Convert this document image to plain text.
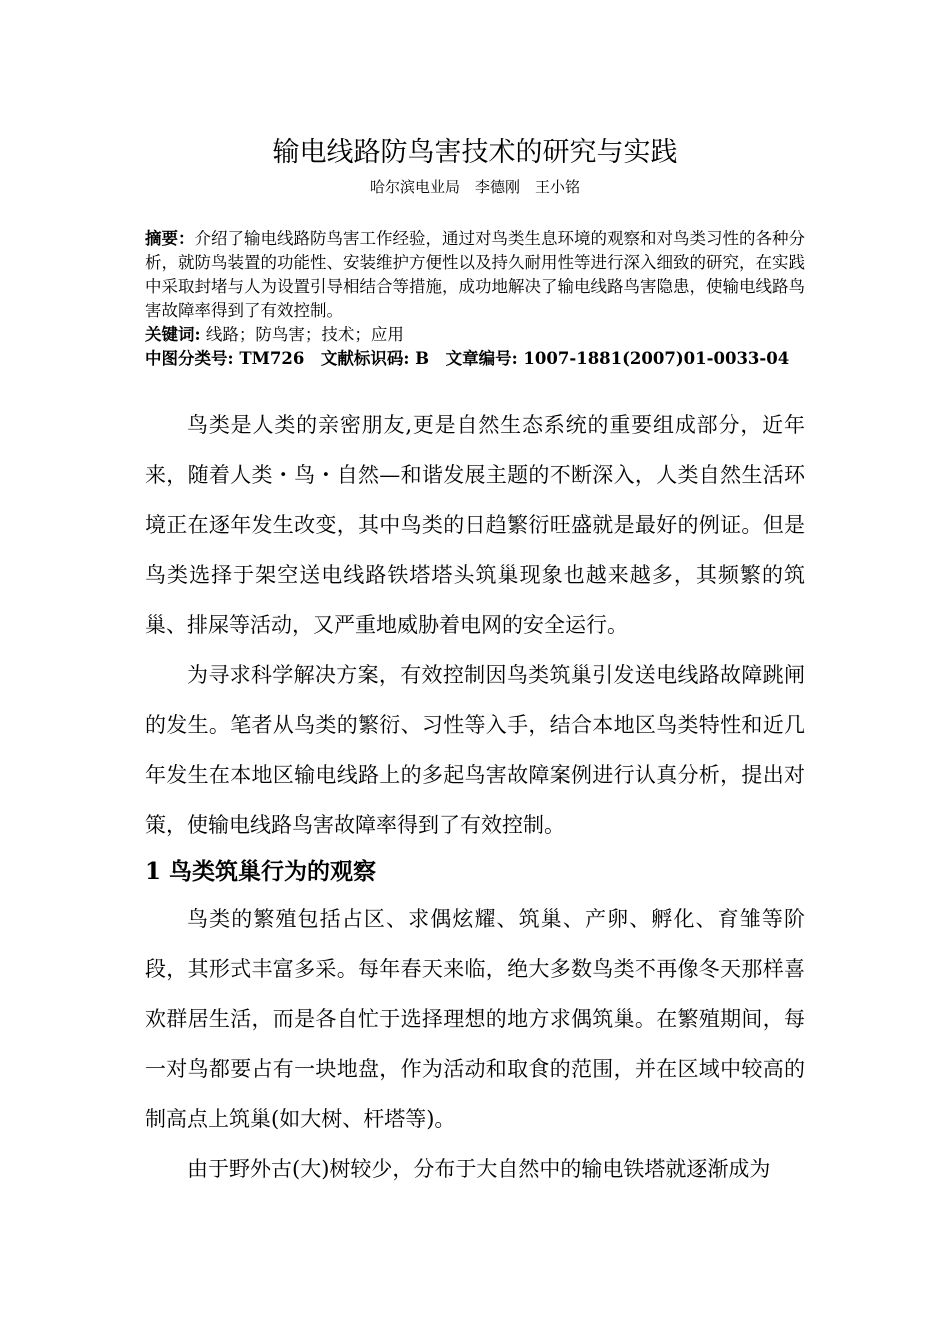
输电线路防鸟害技术的研究与实践
哈尔滨电业局　李德刚　王小铭

摘要：介绍了输电线路防鸟害工作经验，通过对鸟类生息环境的观察和对鸟类习性的各种分析，就防鸟装置的功能性、安装维护方便性以及持久耐用性等进行深入细致的研究，在实践中采取封堵与人为设置引导相结合等措施，成功地解决了输电线路鸟害隐患，使输电线路鸟害故障率得到了有效控制。

关键词: 线路；防鸟害；技术；应用

中图分类号: TM726　文献标识码: B　文章编号: 1007-1881(2007)01-0033-04

鸟类是人类的亲密朋友,更是自然生态系统的重要组成部分，近年来，随着人类・鸟・自然—和谐发展主题的不断深入，人类自然生活环境正在逐年发生改变，其中鸟类的日趋繁衍旺盛就是最好的例证。但是鸟类选择于架空送电线路铁塔塔头筑巢现象也越来越多，其频繁的筑巢、排屎等活动，又严重地威胁着电网的安全运行。

为寻求科学解决方案，有效控制因鸟类筑巢引发送电线路故障跳闸的发生。笔者从鸟类的繁衍、习性等入手，结合本地区鸟类特性和近几年发生在本地区输电线路上的多起鸟害故障案例进行认真分析，提出对策，使输电线路鸟害故障率得到了有效控制。

1 鸟类筑巢行为的观察

鸟类的繁殖包括占区、求偶炫耀、筑巢、产卵、孵化、育雏等阶段，其形式丰富多采。每年春天来临，绝大多数鸟类不再像冬天那样喜欢群居生活，而是各自忙于选择理想的地方求偶筑巢。在繁殖期间，每一对鸟都要占有一块地盘，作为活动和取食的范围，并在区域中较高的制高点上筑巢(如大树、杆塔等)。

由于野外古(大)树较少，分布于大自然中的输电铁塔就逐渐成为
